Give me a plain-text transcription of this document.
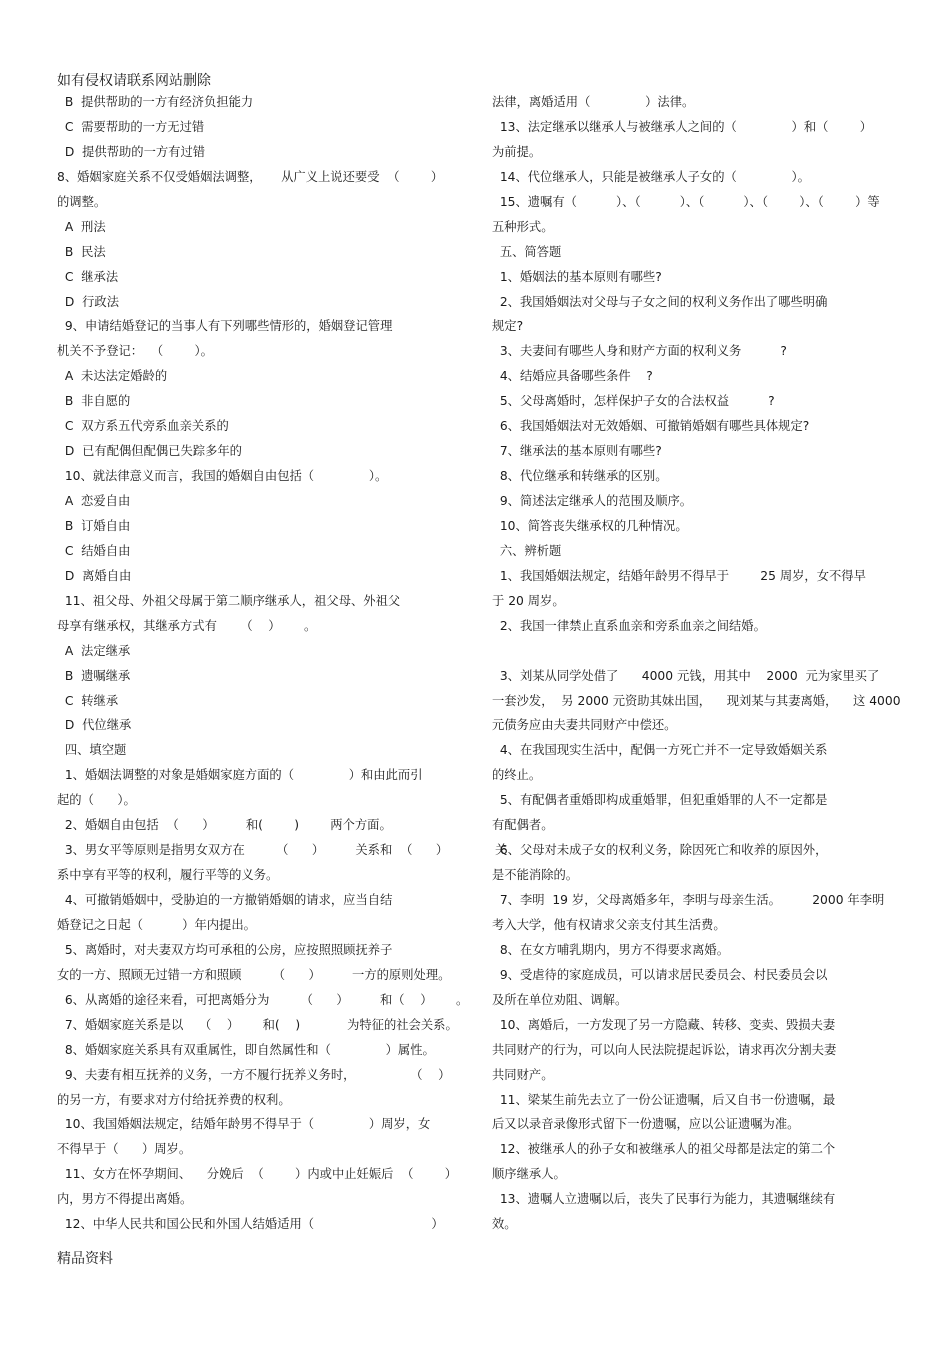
如有侵权请联系网站删除
B  提供帮助的一方有经济负担能力
C  需要帮助的一方无过错
D  提供帮助的一方有过错
8、婚姻家庭关系不仅受婚姻法调整，     从广义上说还要受  （        ）
的调整。
A  刑法
B  民法
C  继承法
D  行政法
9、申请结婚登记的当事人有下列哪些情形的，婚姻登记管理
机关不予登记：  （        ）。
A  未达法定婚龄的
B  非自愿的
C  双方系五代旁系血亲关系的
D  已有配偶但配偶已失踪多年的
10、就法律意义而言，我国的婚姻自由包括（              ）。
A  恋爱自由
B  订婚自由
C  结婚自由
D  离婚自由
11、祖父母、外祖父母属于第二顺序继承人，祖父母、外祖父
母享有继承权，其继承方式有      （    ）      。
A  法定继承
B  遗嘱继承
C  转继承
D  代位继承
四、填空题
1、婚姻法调整的对象是婚姻家庭方面的（              ）和由此而引
起的（      ）。
2、婚姻自由包括  （      ）        和(        )        两个方面。
3、男女平等原则是指男女双方在        （      ）        关系和  （      ）            关
系中享有平等的权利，履行平等的义务。
4、可撤销婚姻中，受胁迫的一方撤销婚姻的请求，应当自结
婚登记之日起（          ）年内提出。
5、离婚时，对夫妻双方均可承租的公房，应按照照顾抚养子
女的一方、照顾无过错一方和照顾        （      ）        一方的原则处理。
6、从离婚的途径来看，可把离婚分为        （      ）        和（    ）      。
7、婚姻家庭关系是以    （    ）      和(    )            为特征的社会关系。
8、婚姻家庭关系具有双重属性，即自然属性和（              ）属性。
9、夫妻有相互抚养的义务，一方不履行抚养义务时，              （    ）
的另一方，有要求对方付给抚养费的权利。
10、我国婚姻法规定，结婚年龄男不得早于（              ）周岁，女
不得早于（      ）周岁。
11、女方在怀孕期间、    分娩后  （        ）内或中止妊娠后  （        ）
内，男方不得提出离婚。
12、中华人民共和国公民和外国人结婚适用（                              ）
法律，离婚适用（              ）法律。
13、法定继承以继承人与被继承人之间的（              ）和（        ）
为前提。
14、代位继承人，只能是被继承人子女的（              ）。
15、遗嘱有（          ）、（          ）、（          ）、（        ）、（        ）等
五种形式。
五、简答题
1、婚姻法的基本原则有哪些?
2、我国婚姻法对父母与子女之间的权利义务作出了哪些明确
规定?
3、夫妻间有哪些人身和财产方面的权利义务          ?
4、结婚应具备哪些条件    ?
5、父母离婚时，怎样保护子女的合法权益          ?
6、我国婚姻法对无效婚姻、可撤销婚姻有哪些具体规定?
7、继承法的基本原则有哪些?
8、代位继承和转继承的区别。
9、简述法定继承人的范围及顺序。
10、简答丧失继承权的几种情况。
六、辨析题
1、我国婚姻法规定，结婚年龄男不得早于        25 周岁，女不得早
于 20 周岁。
2、我国一律禁止直系血亲和旁系血亲之间结婚。
3、刘某从同学处借了      4000 元钱，用其中    2000  元为家里买了
一套沙发，  另 2000 元资助其妹出国，    现刘某与其妻离婚，    这 4000
元债务应由夫妻共同财产中偿还。
4、在我国现实生活中，配偶一方死亡并不一定导致婚姻关系
的终止。
5、有配偶者重婚即构成重婚罪，但犯重婚罪的人不一定都是
有配偶者。
6、父母对未成子女的权利义务，除因死亡和收养的原因外，
是不能消除的。
7、李明  19 岁，父母离婚多年，李明与母亲生活。        2000 年李明
考入大学，他有权请求父亲支付其生活费。
8、在女方哺乳期内，男方不得要求离婚。
9、受虐待的家庭成员，可以请求居民委员会、村民委员会以
及所在单位劝阻、调解。
10、离婚后，一方发现了另一方隐藏、转移、变卖、毁损夫妻
共同财产的行为，可以向人民法院提起诉讼，请求再次分割夫妻
共同财产。
11、梁某生前先去立了一份公证遗嘱，后又自书一份遗嘱，最
后又以录音录像形式留下一份遗嘱，应以公证遗嘱为准。
12、被继承人的孙子女和被继承人的祖父母都是法定的第二个
顺序继承人。
13、遗嘱人立遗嘱以后，丧失了民事行为能力，其遗嘱继续有
效。
精品资料
